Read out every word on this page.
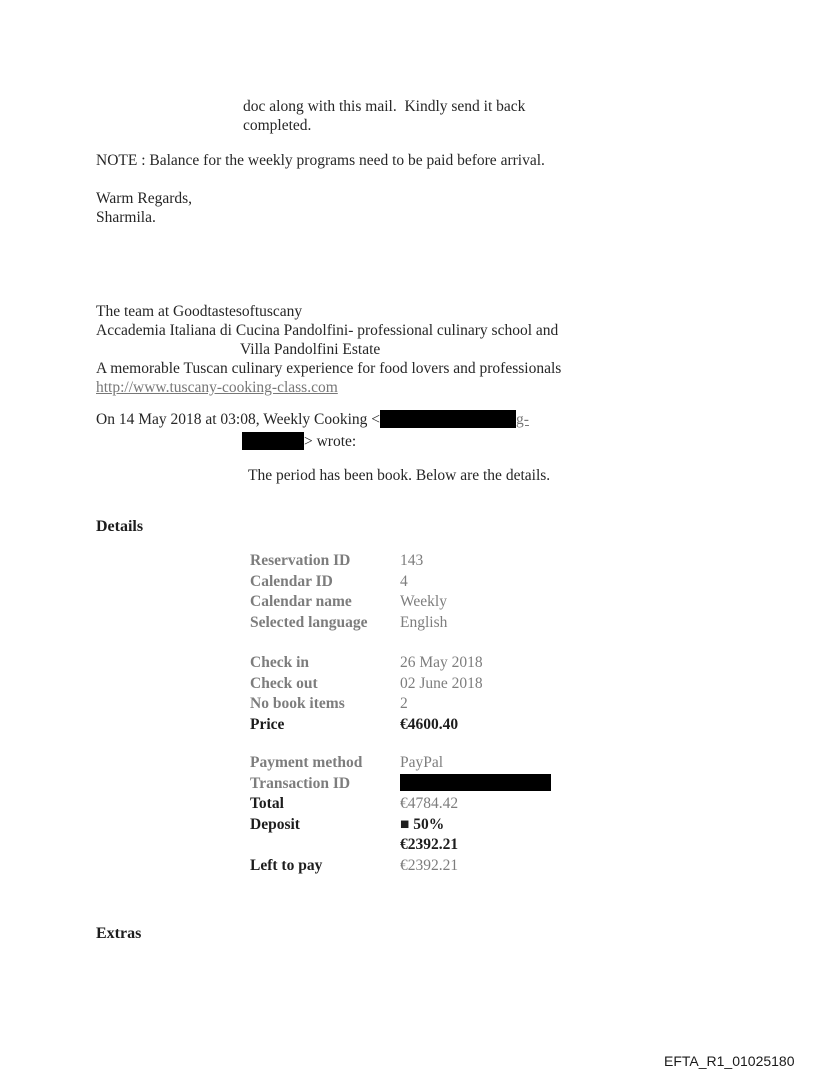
doc along with this mail.  Kindly send it back
completed.
NOTE : Balance for the weekly programs need to be paid before arrival.
Warm Regards,
Sharmila.
The team at Goodtastesoftuscany
Accademia Italiana di Cucina Pandolfini- professional culinary school and
Villa Pandolfini Estate
A memorable Tuscan culinary experience for food lovers and professionals
http://www.tuscany-cooking-class.com
On 14 May 2018 at 03:08, Weekly Cooking <	g-
> wrote:
The period has been book. Below are the details.
Details
Reservation ID	143
Calendar ID	4
Calendar name	Weekly
Selected language	English
Check in	26 May 2018
Check out	02 June 2018
No book items	2
Price	€4600.40
Payment method	PayPal
Transaction ID
Total	€4784.42
Deposit	■ 50%
€2392.21
Left to pay	€2392.21
Extras
EFTA_R1_01025180
